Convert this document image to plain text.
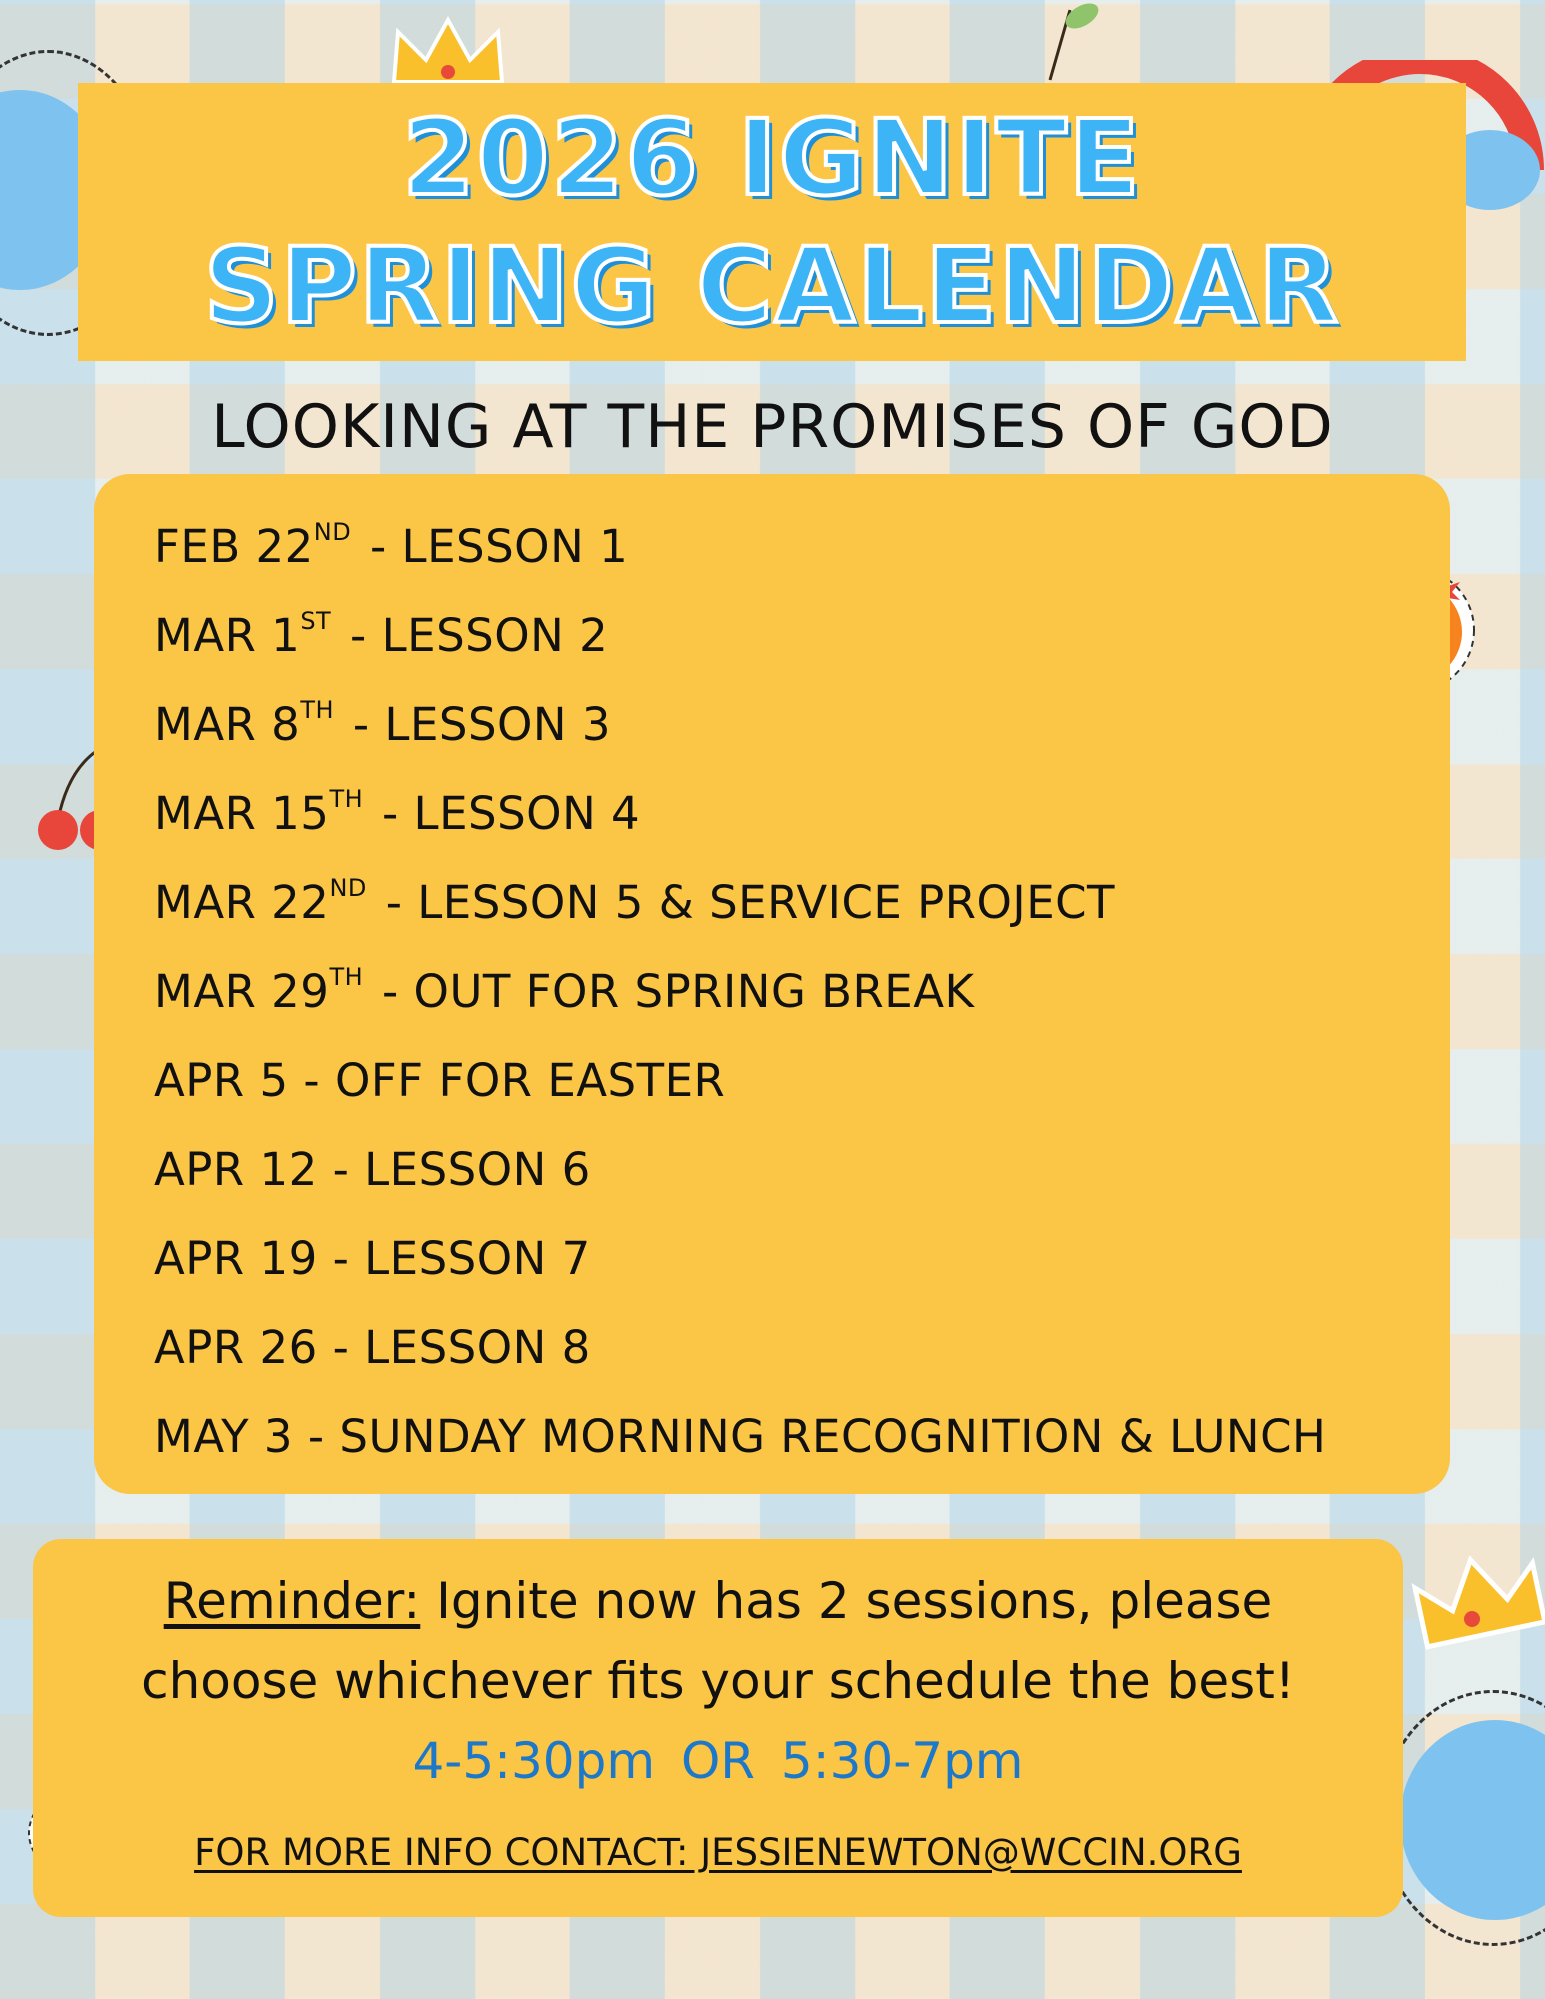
2026 IGNITE
SPRING CALENDAR
LOOKING AT THE PROMISES OF GOD
FEB 22ND - LESSON 1
MAR 1ST - LESSON 2
MAR 8TH - LESSON 3
MAR 15TH - LESSON 4
MAR 22ND - LESSON 5 & SERVICE PROJECT
MAR 29TH - OUT FOR SPRING BREAK
APR 5 - OFF FOR EASTER
APR 12 - LESSON 6
APR 19 - LESSON 7
APR 26 - LESSON 8
MAY 3 - SUNDAY MORNING RECOGNITION & LUNCH
Reminder: Ignite now has 2 sessions, please
choose whichever fits your schedule the best!
4-5:30pm OR 5:30-7pm
FOR MORE INFO CONTACT: JESSIENEWTON@WCCIN.ORG
